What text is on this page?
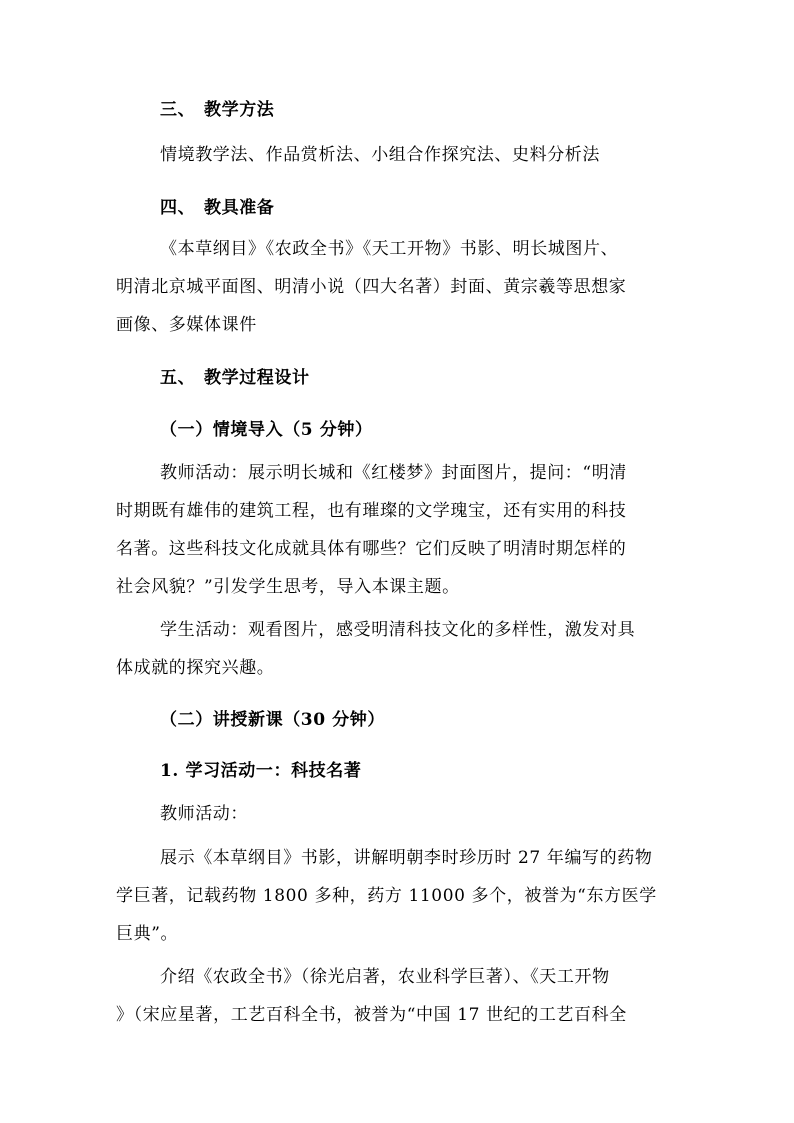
三、 教学方法
情境教学法、作品赏析法、小组合作探究法、史料分析法
四、 教具准备
《本草纲目》《农政全书》《天工开物》书影、明长城图片、
明清北京城平面图、明清小说（四大名著）封面、黄宗羲等思想家
画像、多媒体课件
五、 教学过程设计
（一）情境导入（5 分钟）
教师活动：展示明长城和《红楼梦》封面图片，提问：“明清
时期既有雄伟的建筑工程，也有璀璨的文学瑰宝，还有实用的科技
名著。这些科技文化成就具体有哪些？它们反映了明清时期怎样的
社会风貌？”引发学生思考，导入本课主题。
学生活动：观看图片，感受明清科技文化的多样性，激发对具
体成就的探究兴趣。
（二）讲授新课（30 分钟）
1. 学习活动一：科技名著
教师活动：
展示《本草纲目》书影，讲解明朝李时珍历时 27 年编写的药物
学巨著，记载药物 1800 多种，药方 11000 多个，被誉为“东方医学
巨典”。
介绍《农政全书》（徐光启著，农业科学巨著）、《天工开物
》（宋应星著，工艺百科全书，被誉为“中国 17 世纪的工艺百科全
